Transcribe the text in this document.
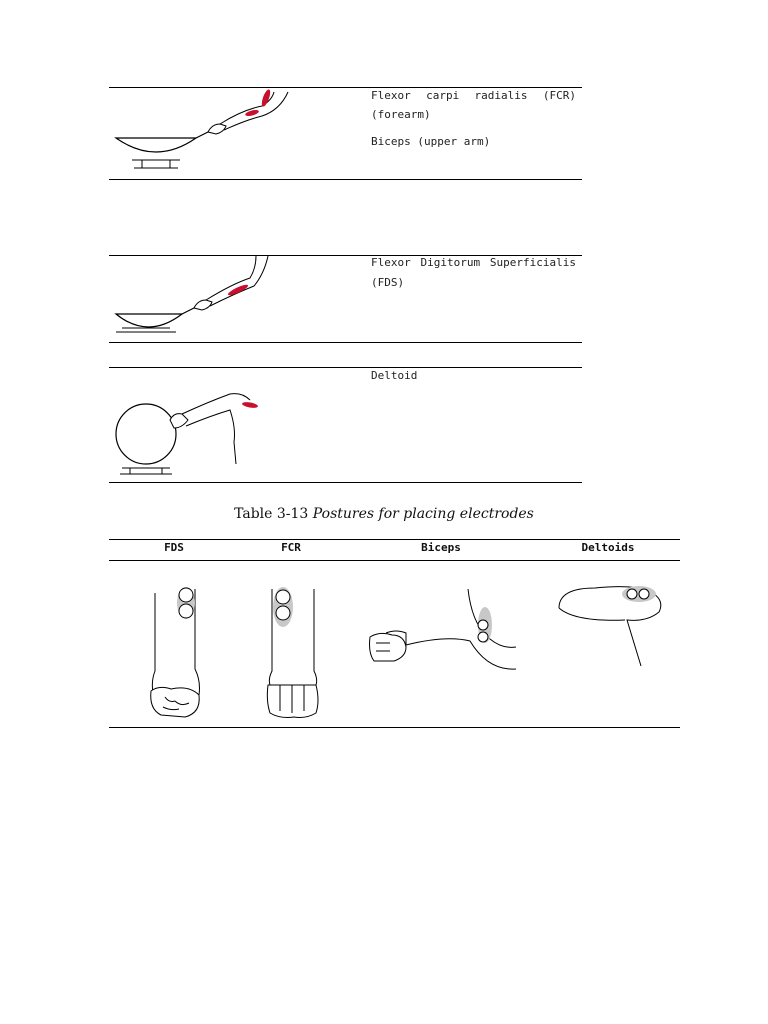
Flexor carpi radialis (FCR)
(forearm)
Biceps (upper arm)
Flexor Digitorum Superficialis
(FDS)
Deltoid
Table 3-13 Postures for placing electrodes
FDS	FCR	Biceps	Deltoids
